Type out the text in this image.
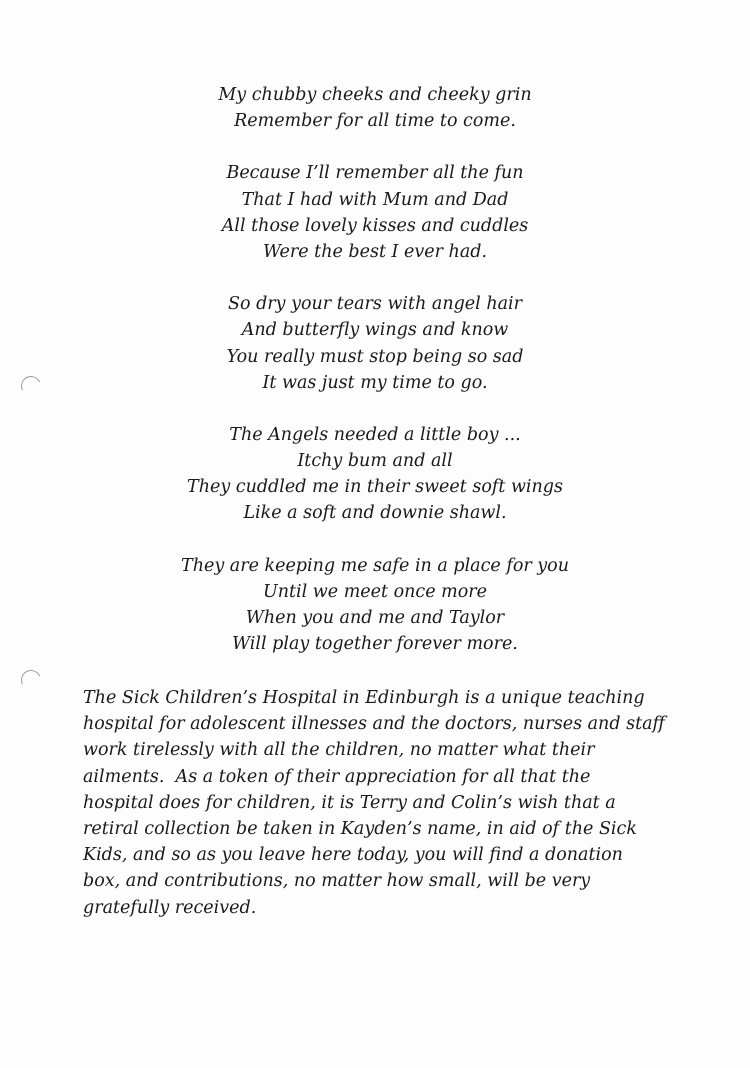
My chubby cheeks and cheeky grin
Remember for all time to come.
Because I’ll remember all the fun
That I had with Mum and Dad
All those lovely kisses and cuddles
Were the best I ever had.
So dry your tears with angel hair
And butterfly wings and know
You really must stop being so sad
It was just my time to go.
The Angels needed a little boy ...
Itchy bum and all
They cuddled me in their sweet soft wings
Like a soft and downie shawl.
They are keeping me safe in a place for you
Until we meet once more
When you and me and Taylor
Will play together forever more.
The Sick Children’s Hospital in Edinburgh is a unique teaching
hospital for adolescent illnesses and the doctors, nurses and staff
work tirelessly with all the children, no matter what their
ailments.  As a token of their appreciation for all that the
hospital does for children, it is Terry and Colin’s wish that a
retiral collection be taken in Kayden’s name, in aid of the Sick
Kids, and so as you leave here today, you will find a donation
box, and contributions, no matter how small, will be very
gratefully received.
